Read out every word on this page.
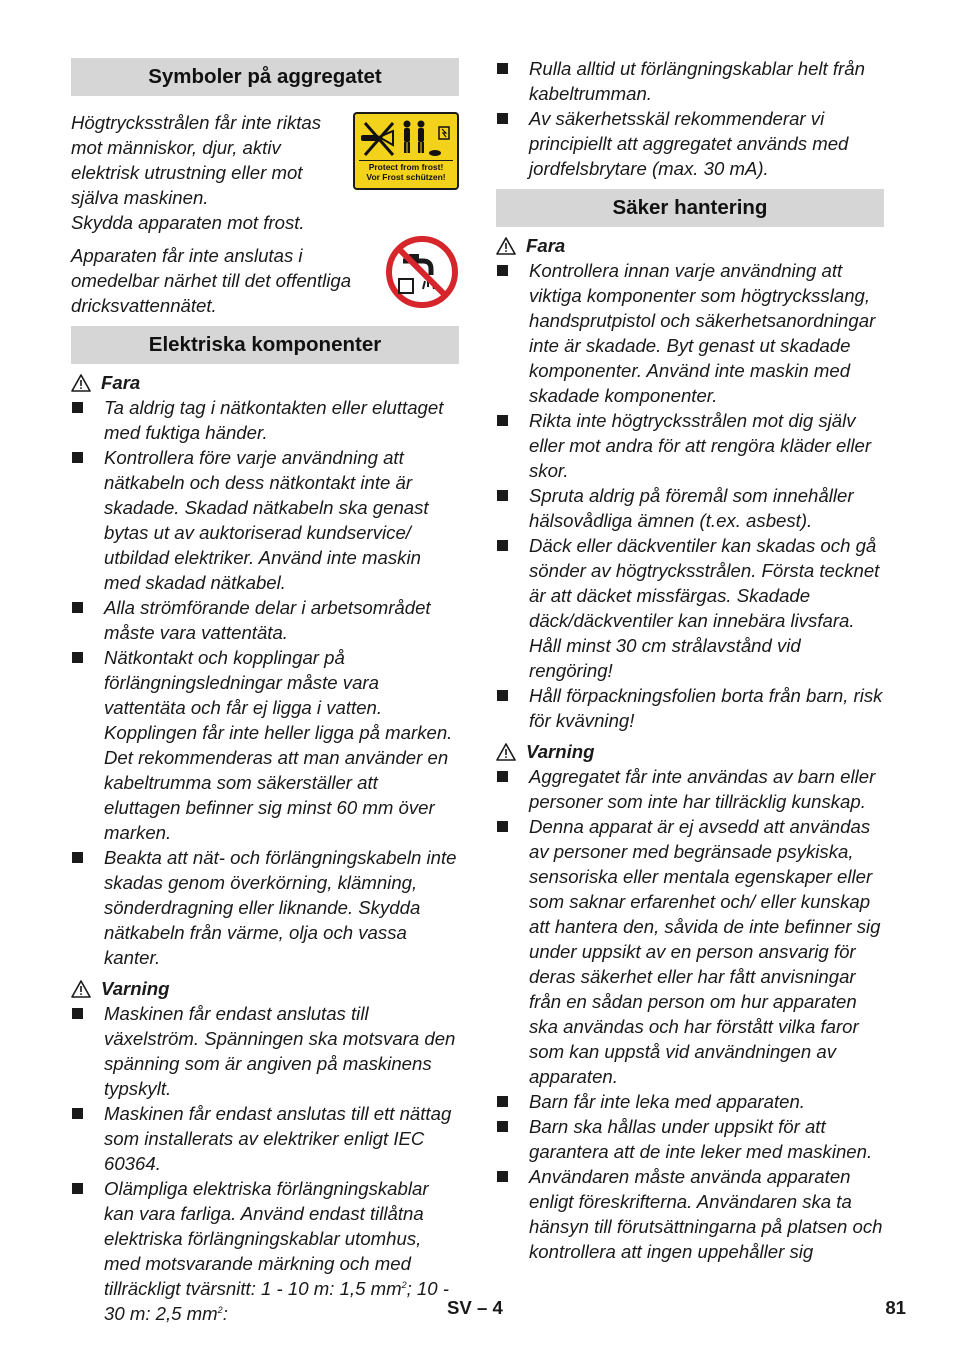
Symboler på aggregatet
Högtrycksstrålen får inte riktas mot människor, djur, aktiv elektrisk utrustning eller mot själva maskinen.
Skydda apparaten mot frost.
Protect from frost!
Vor Frost schützen!
Apparaten får inte anslutas i omedelbar närhet till det offentliga dricksvattennätet.
Elektriska komponenter
Fara
Ta aldrig tag i nätkontakten eller eluttaget med fuktiga händer.
Kontrollera före varje användning att nätkabeln och dess nätkontakt inte är skadade. Skadad nätkabeln ska genast bytas ut av auktoriserad kundservice/ utbildad elektriker. Använd inte maskin med skadad nätkabel.
Alla strömförande delar i arbetsområdet måste vara vattentäta.
Nätkontakt och kopplingar på förlängningsledningar måste vara vattentäta och får ej ligga i vatten. Kopplingen får inte heller ligga på marken. Det rekommenderas att man använder en kabeltrumma som säkerställer att eluttagen befinner sig minst 60 mm över marken.
Beakta att nät- och förlängningskabeln inte skadas genom överkörning, klämning, sönderdragning eller liknande. Skydda nätkabeln från värme, olja och vassa kanter.
Varning
Maskinen får endast anslutas till växelström. Spänningen ska motsvara den spänning som är angiven på maskinens typskylt.
Maskinen får endast anslutas till ett nättag som installerats av elektriker enligt IEC 60364.
Olämpliga elektriska förlängningskablar kan vara farliga. Använd endast tillåtna elektriska förlängningskablar utomhus, med motsvarande märkning och med tillräckligt tvärsnitt: 1 - 10 m: 1,5 $mm^2$; 10 - 30 m: 2,5 $mm^2$:
Rulla alltid ut förlängningskablar helt från kabeltrumman.
Av säkerhetsskäl rekommenderar vi principiellt att aggregatet används med jordfelsbrytare (max. 30 mA).
Säker hantering
Fara
Kontrollera innan varje användning att viktiga komponenter som högtrycksslang, handsprutpistol och säkerhetsanordningar inte är skadade. Byt genast ut skadade komponenter. Använd inte maskin med skadade komponenter.
Rikta inte högtrycksstrålen mot dig själv eller mot andra för att rengöra kläder eller skor.
Spruta aldrig på föremål som innehåller hälsovådliga ämnen (t.ex. asbest).
Däck eller däckventiler kan skadas och gå sönder av högtrycksstrålen. Första tecknet är att däcket missfärgas. Skadade däck/däckventiler kan innebära livsfara. Håll minst 30 cm strålavstånd vid rengöring!
Håll förpackningsfolien borta från barn, risk för kvävning!
Varning
Aggregatet får inte användas av barn eller personer som inte har tillräcklig kunskap.
Denna apparat är ej avsedd att användas av personer med begränsade psykiska, sensoriska eller mentala egenskaper eller som saknar erfarenhet och/ eller kunskap att hantera den, såvida de inte befinner sig under uppsikt av en person ansvarig för deras säkerhet eller har fått anvisningar från en sådan person om hur apparaten ska användas och har förstått vilka faror som kan uppstå vid användningen av apparaten.
Barn får inte leka med apparaten.
Barn ska hållas under uppsikt för att garantera att de inte leker med maskinen.
Användaren måste använda apparaten enligt föreskrifterna. Användaren ska ta hänsyn till förutsättningarna på platsen och kontrollera att ingen uppehåller sig
SV – 4	81
